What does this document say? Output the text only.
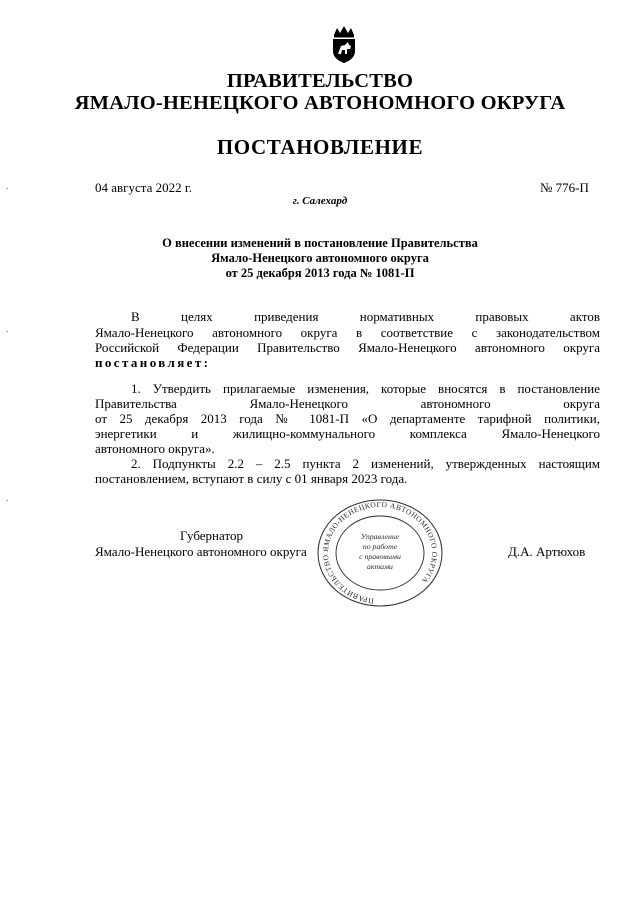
ПРАВИТЕЛЬСТВО
ЯМАЛО-НЕНЕЦКОГО АВТОНОМНОГО ОКРУГА
ПОСТАНОВЛЕНИЕ
04 августа 2022 г.	№ 776-П
г. Салехард
О внесении изменений в постановление Правительства
Ямало-Ненецкого автономного округа
от 25 декабря 2013 года № 1081-П
В целях приведения нормативных правовых актов
Ямало-Ненецкого автономного округа в соответствие с законодательством
Российской Федерации Правительство Ямало-Ненецкого автономного округа
постановляет:
1. Утвердить прилагаемые изменения, которые вносятся в постановление
Правительства Ямало-Ненецкого автономного округа
от 25 декабря 2013 года № 1081-П «О департаменте тарифной политики,
энергетики и жилищно-коммунального комплекса Ямало-Ненецкого
автономного округа».
2. Подпункты 2.2 – 2.5 пункта 2 изменений, утвержденных настоящим
постановлением, вступают в силу с 01 января 2023 года.
Губернатор
Ямало-Ненецкого автономного округа	Д.А. Артюхов
ПРАВИТЕЛЬСТВО ЯМАЛО-НЕНЕЦКОГО АВТОНОМНОГО ОКРУГА
Управление
по работе
с правовыми
актами
